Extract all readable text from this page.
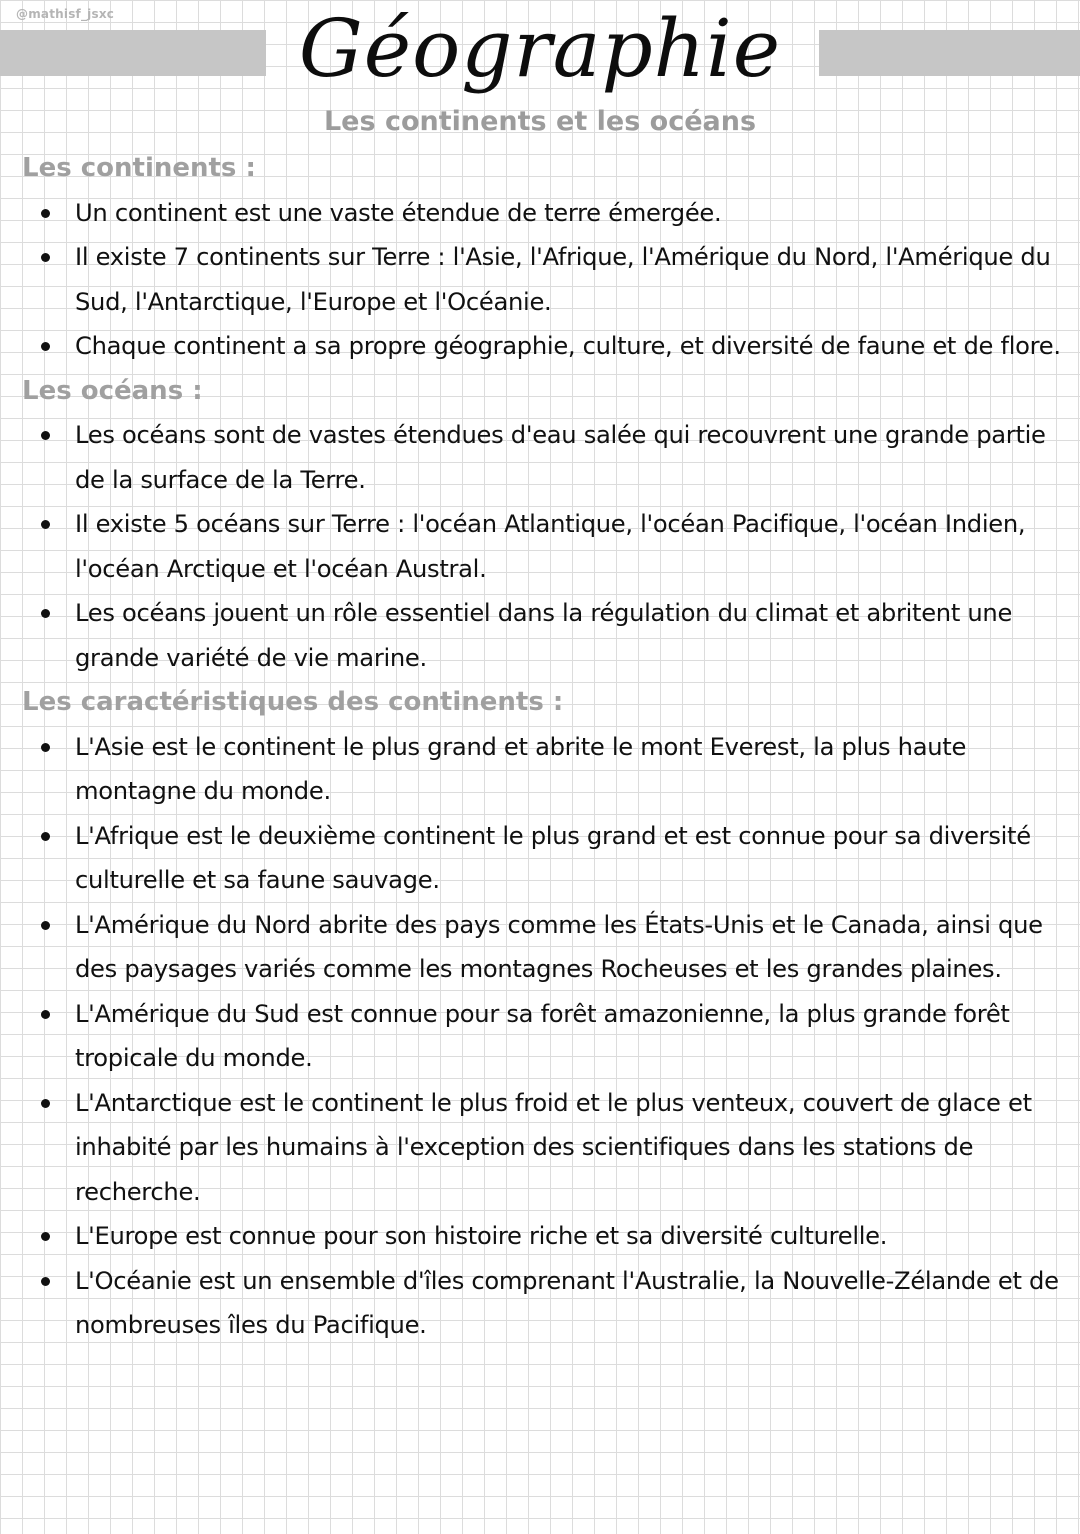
@mathisf_jsxc	Géographie
Les continents et les océans
Les continents :
Un continent est une vaste étendue de terre émergée.
Il existe 7 continents sur Terre : l'Asie, l'Afrique, l'Amérique du Nord, l'Amérique du Sud, l'Antarctique, l'Europe et l'Océanie.
Chaque continent a sa propre géographie, culture, et diversité de faune et de flore.
Les océans :
Les océans sont de vastes étendues d'eau salée qui recouvrent une grande partie de la surface de la Terre.
Il existe 5 océans sur Terre : l'océan Atlantique, l'océan Pacifique, l'océan Indien, l'océan Arctique et l'océan Austral.
Les océans jouent un rôle essentiel dans la régulation du climat et abritent une grande variété de vie marine.
Les caractéristiques des continents :
L'Asie est le continent le plus grand et abrite le mont Everest, la plus haute montagne du monde.
L'Afrique est le deuxième continent le plus grand et est connue pour sa diversité culturelle et sa faune sauvage.
L'Amérique du Nord abrite des pays comme les États-Unis et le Canada, ainsi que des paysages variés comme les montagnes Rocheuses et les grandes plaines.
L'Amérique du Sud est connue pour sa forêt amazonienne, la plus grande forêt tropicale du monde.
L'Antarctique est le continent le plus froid et le plus venteux, couvert de glace et inhabité par les humains à l'exception des scientifiques dans les stations de recherche.
L'Europe est connue pour son histoire riche et sa diversité culturelle.
L'Océanie est un ensemble d'îles comprenant l'Australie, la Nouvelle-Zélande et de nombreuses îles du Pacifique.
